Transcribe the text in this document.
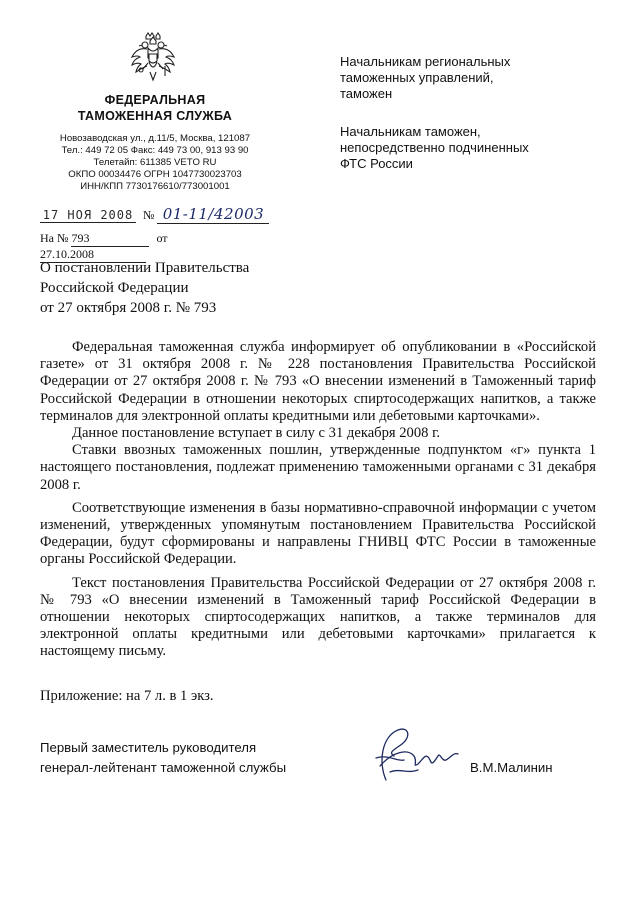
ФЕДЕРАЛЬНАЯ
ТАМОЖЕННАЯ СЛУЖБА
Новозаводская ул., д.11/5, Москва, 121087
Тел.: 449 72 05 Факс: 449 73 00, 913 93 90
Телетайп: 611385 VETO RU
ОКПО 00034476 ОГРН 1047730023703
ИНН/КПП 7730176610/773001001
17 НОЯ 2008 № 01-11/42003
На № 793	от 27.10.2008
Начальникам региональных
таможенных управлений,
таможен
Начальникам таможен,
непосредственно подчиненных
ФТС России
О постановлении Правительства
Российской Федерации
от 27 октября 2008 г. № 793

Федеральная таможенная служба информирует об опубликовании в «Российской газете» от 31 октября 2008 г. № 228 постановления Правительства Российской Федерации от 27 октября 2008 г. № 793 «О внесении изменений в Таможенный тариф Российской Федерации в отношении некоторых спиртосодержащих напитков, а также терминалов для электронной оплаты кредитными или дебетовыми карточками».

Данное постановление вступает в силу с 31 декабря 2008 г.

Ставки ввозных таможенных пошлин, утвержденные подпунктом «г» пункта 1 настоящего постановления, подлежат применению таможенными органами с 31 декабря 2008 г.

Соответствующие изменения в базы нормативно-справочной информации с учетом изменений, утвержденных упомянутым постановлением Правительства Российской Федерации, будут сформированы и направлены ГНИВЦ ФТС России в таможенные органы Российской Федерации.

Текст постановления Правительства Российской Федерации от 27 октября 2008 г. № 793 «О внесении изменений в Таможенный тариф Российской Федерации в отношении некоторых спиртосодержащих напитков, а также терминалов для электронной оплаты кредитными или дебетовыми карточками» прилагается к настоящему письму.

Приложение: на 7 л. в 1 экз.
Первый заместитель руководителя
генерал-лейтенант таможенной службы	В.М.Малинин
